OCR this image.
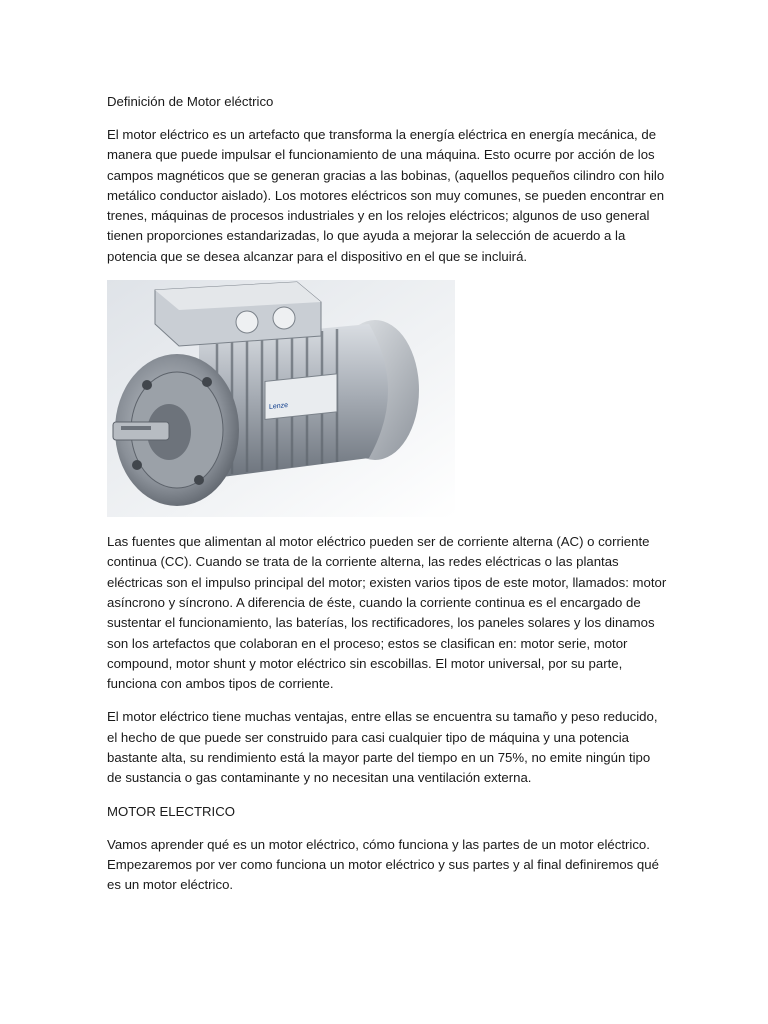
Definición de Motor eléctrico

El motor eléctrico es un artefacto que transforma la energía eléctrica en energía mecánica, de manera que puede impulsar el funcionamiento de una máquina. Esto ocurre por acción de los campos magnéticos que se generan gracias a las bobinas, (aquellos pequeños cilindro con hilo metálico conductor aislado). Los motores eléctricos son muy comunes, se pueden encontrar en trenes, máquinas de procesos industriales y en los relojes eléctricos; algunos de uso general tienen proporciones estandarizadas, lo que ayuda a mejorar la selección de acuerdo a la potencia que se desea alcanzar para el dispositivo en el que se incluirá.

Lenze

Las fuentes que alimentan al motor eléctrico pueden ser de corriente alterna (AC) o corriente continua (CC). Cuando se trata de la corriente alterna, las redes eléctricas o las plantas eléctricas son el impulso principal del motor; existen varios tipos de este motor, llamados: motor asíncrono y síncrono. A diferencia de éste, cuando la corriente continua es el encargado de sustentar el funcionamiento, las baterías, los rectificadores, los paneles solares y los dinamos son los artefactos que colaboran en el proceso; estos se clasifican en: motor serie, motor compound, motor shunt y motor eléctrico sin escobillas. El motor universal, por su parte, funciona con ambos tipos de corriente.

El motor eléctrico tiene muchas ventajas, entre ellas se encuentra su tamaño y peso reducido, el hecho de que puede ser construido para casi cualquier tipo de máquina y una potencia bastante alta, su rendimiento está la mayor parte del tiempo en un 75%, no emite ningún tipo de sustancia o gas contaminante y no necesitan una ventilación externa.

MOTOR ELECTRICO

Vamos aprender qué es un motor eléctrico, cómo funciona y las partes de un motor eléctrico. Empezaremos por ver como funciona un motor eléctrico y sus partes y al final definiremos qué es un motor eléctrico.
